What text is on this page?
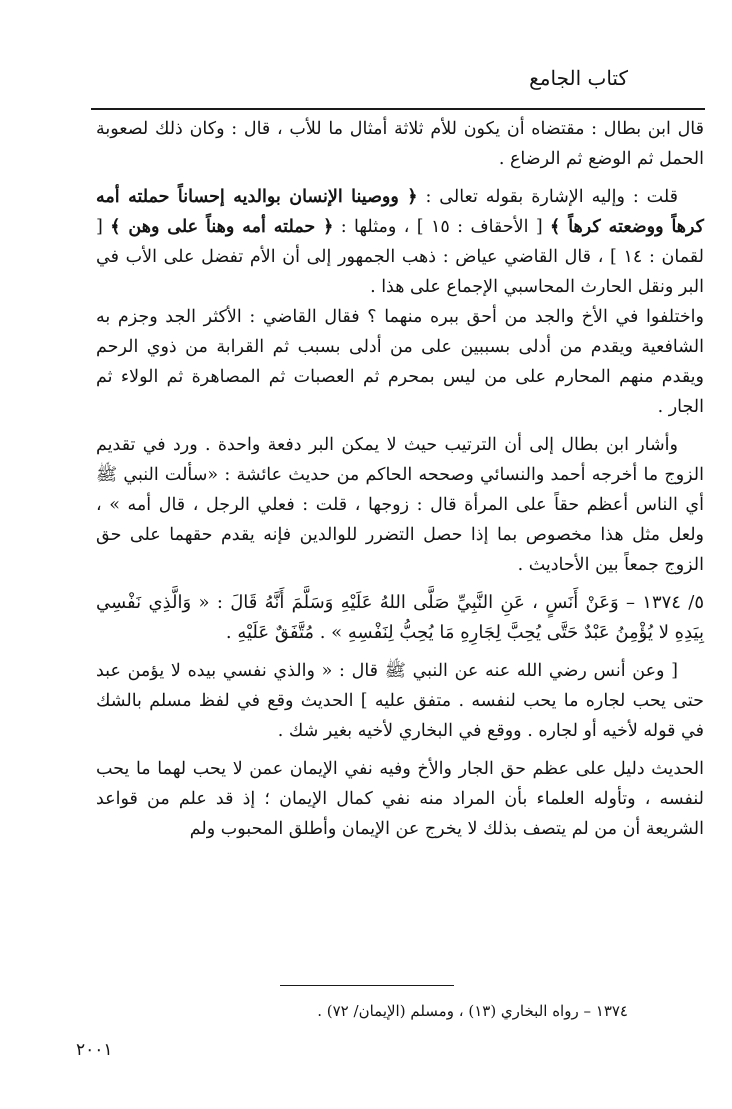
كتاب الجامع

قال ابن بطال : مقتضاه أن يكون للأم ثلاثة أمثال ما للأب ، قال : وكان ذلك لصعوبة الحمل ثم الوضع ثم الرضاع .

قلت : وإليه الإشارة بقوله تعالى : ﴿ ووصينا الإنسان بوالديه إحساناً حملته أمه كرهاً ووضعته كرهاً ﴾ [ الأحقاف : ١٥ ] ، ومثلها : ﴿ حملته أمه وهناً على وهن ﴾ [ لقمان : ١٤ ] ، قال القاضي عياض : ذهب الجمهور إلى أن الأم تفضل على الأب في البر ونقل الحارث المحاسبي الإجماع على هذا .

واختلفوا في الأخ والجد من أحق ببره منهما ؟ فقال القاضي : الأكثر الجد وجزم به الشافعية ويقدم من أدلى بسببين على من أدلى بسبب ثم القرابة من ذوي الرحم ويقدم منهم المحارم على من ليس بمحرم ثم العصبات ثم المصاهرة ثم الولاء ثم الجار .

وأشار ابن بطال إلى أن الترتيب حيث لا يمكن البر دفعة واحدة . ورد في تقديم الزوج ما أخرجه أحمد والنسائي وصححه الحاكم من حديث عائشة : «سألت النبي ﷺ أي الناس أعظم حقاً على المرأة قال : زوجها ، قلت : فعلي الرجل ، قال أمه » ، ولعل مثل هذا مخصوص بما إذا حصل التضرر للوالدين فإنه يقدم حقهما على حق الزوج جمعاً بين الأحاديث .

٥/ ١٣٧٤ – وَعَنْ أَنَسٍ ، عَنِ النَّبِيِّ صَلَّى اللهُ عَلَيْهِ وَسَلَّمَ أَنَّهُ قَالَ : « وَالَّذِي نَفْسِي بِيَدِهِ لا يُؤْمِنُ عَبْدٌ حَتَّى يُحِبَّ لِجَارِهِ مَا يُحِبُّ لِنَفْسِهِ » . مُتَّفَقٌ عَلَيْهِ .

[ وعن أنس رضي الله عنه عن النبي ﷺ قال : « والذي نفسي بيده لا يؤمن عبد حتى يحب لجاره ما يحب لنفسه . متفق عليه ] الحديث وقع في لفظ مسلم بالشك في قوله لأخيه أو لجاره . ووقع في البخاري لأخيه بغير شك .

الحديث دليل على عظم حق الجار والأخ وفيه نفي الإيمان عمن لا يحب لهما ما يحب لنفسه ، وتأوله العلماء بأن المراد منه نفي كمال الإيمان ؛ إذ قد علم من قواعد الشريعة أن من لم يتصف بذلك لا يخرج عن الإيمان وأطلق المحبوب ولم

١٣٧٤ – رواه البخاري (١٣) ، ومسلم (الإيمان/ ٧٢) .
٢٠٠١
